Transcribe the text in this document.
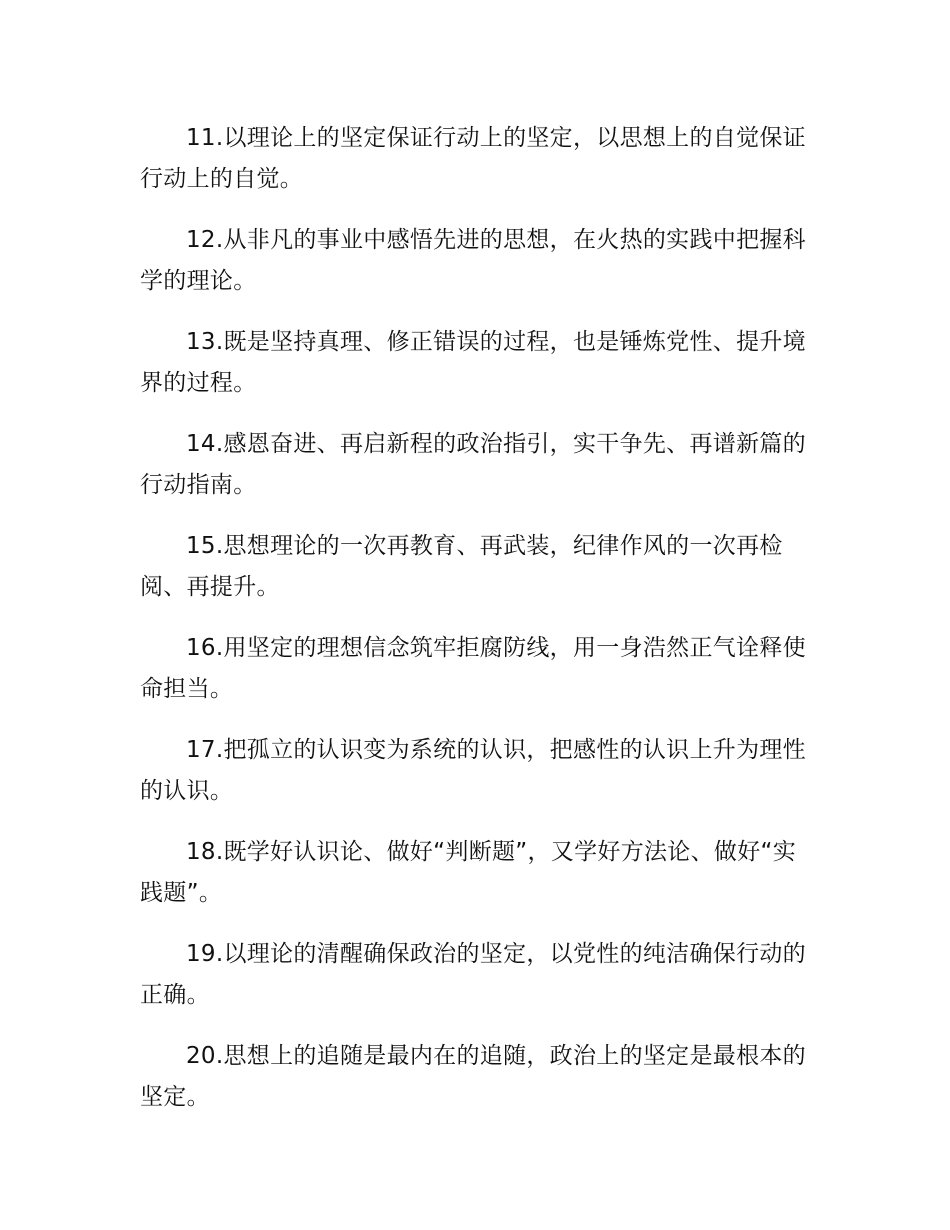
11.以理论上的坚定保证行动上的坚定，以思想上的自觉保证行动上的自觉。

12.从非凡的事业中感悟先进的思想，在火热的实践中把握科学的理论。

13.既是坚持真理、修正错误的过程，也是锤炼党性、提升境界的过程。

14.感恩奋进、再启新程的政治指引，实干争先、再谱新篇的行动指南。

15.思想理论的一次再教育、再武装，纪律作风的一次再检阅、再提升。

16.用坚定的理想信念筑牢拒腐防线，用一身浩然正气诠释使命担当。

17.把孤立的认识变为系统的认识，把感性的认识上升为理性的认识。

18.既学好认识论、做好“判断题”，又学好方法论、做好“实践题”。

19.以理论的清醒确保政治的坚定，以党性的纯洁确保行动的正确。

20.思想上的追随是最内在的追随，政治上的坚定是最根本的坚定。
